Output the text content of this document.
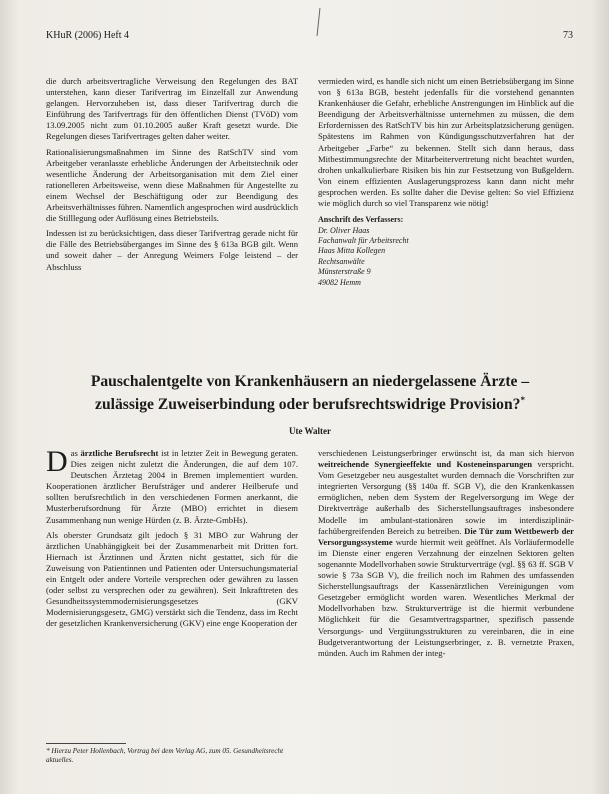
KHuR (2006) Heft 4	73

die durch arbeitsvertragliche Verweisung den Regelungen des BAT unterstehen, kann dieser Tarifvertrag im Einzelfall zur Anwendung gelangen. Hervorzuheben ist, dass dieser Tarifvertrag durch die Einführung des Tarifvertrags für den öffentlichen Dienst (TVöD) vom 13.09.2005 nicht zum 01.10.2005 außer Kraft gesetzt wurde. Die Regelungen dieses Tarifvertrages gelten daher weiter.

Rationalisierungsmaßnahmen im Sinne des RatSchTV sind vom Arbeitgeber veranlasste erhebliche Änderungen der Arbeitstechnik oder wesentliche Änderung der Arbeitsorganisation mit dem Ziel einer rationelleren Arbeitsweise, wenn diese Maßnahmen für Angestellte zu einem Wechsel der Beschäftigung oder zur Beendigung des Arbeitsverhältnisses führen. Namentlich angesprochen wird ausdrücklich die Stilllegung oder Auflösung eines Betriebsteils.

Indessen ist zu berücksichtigen, dass dieser Tarifvertrag gerade nicht für die Fälle des Betriebsüberganges im Sinne des § 613a BGB gilt. Wenn und soweit daher – der Anregung Weimers Folge leistend – der Abschluss

vermieden wird, es handle sich nicht um einen Betriebsübergang im Sinne von § 613a BGB, besteht jedenfalls für die vorstehend genannten Krankenhäuser die Gefahr, erhebliche Anstrengungen im Hinblick auf die Beendigung der Arbeitsverhältnisse unternehmen zu müssen, die dem Erfordernissen des RatSchTV bis hin zur Arbeitsplatzsicherung genügen. Spätestens im Rahmen von Kündigungsschutzverfahren hat der Arbeitgeber „Farbe“ zu bekennen. Stellt sich dann heraus, dass Mitbestimmungsrechte der Mitarbeitervertretung nicht beachtet wurden, drohen unkalkulierbare Risiken bis hin zur Festsetzung von Bußgeldern. Von einem effizienten Auslagerungsprozess kann dann nicht mehr gesprochen werden. Es sollte daher die Devise gelten: So viel Effizienz wie möglich durch so viel Transparenz wie nötig!

Anschrift des Verfassers:
Dr. Oliver Haas
Fachanwalt für Arbeitsrecht
Haas Mitta Kollegen
Rechtsanwälte
Münsterstraße 9
49082 Hemm
Pauschalentgelte von Krankenhäusern an niedergelassene Ärzte –
zulässige Zuweiserbindung oder berufsrechtswidrige Provision?*
Ute Walter

Das ärztliche Berufsrecht ist in letzter Zeit in Bewegung geraten. Dies zeigen nicht zuletzt die Änderungen, die auf dem 107. Deutschen Ärztetag 2004 in Bremen implementiert wurden. Kooperationen ärztlicher Berufsträger und anderer Heilberufe und sollten berufsrechtlich in den verschiedenen Formen anerkannt, die Musterberufsordnung für Ärzte (MBO) errichtet in diesem Zusammenhang nun wenige Hürden (z. B. Ärzte-GmbHs).

Als oberster Grundsatz gilt jedoch § 31 MBO zur Wahrung der ärztlichen Unabhängigkeit bei der Zusammenarbeit mit Dritten fort. Hiernach ist Ärztinnen und Ärzten nicht gestattet, sich für die Zuweisung von Patientinnen und Patienten oder Untersuchungsmaterial ein Entgelt oder andere Vorteile versprechen oder gewähren zu lassen (oder selbst zu versprechen oder zu gewähren). Seit Inkrafttreten des Gesundheitssystemmodernisierungsgesetzes (GKV Modernisierungsgesetz, GMG) verstärkt sich die Tendenz, dass im Recht der gesetzlichen Krankenversicherung (GKV) eine enge Kooperation der

verschiedenen Leistungserbringer erwünscht ist, da man sich hiervon weitreichende Synergieeffekte und Kosteneinsparungen verspricht. Vom Gesetzgeber neu ausgestaltet wurden demnach die Vorschriften zur integrierten Versorgung (§§ 140a ff. SGB V), die den Krankenkassen ermöglichen, neben dem System der Regelversorgung im Wege der Direktverträge außerhalb des Sicherstellungsauftrages insbesondere Modelle im ambulant-stationären sowie im interdisziplinär-fachübergreifenden Bereich zu betreiben. Die Tür zum Wettbewerb der Versorgungssysteme wurde hiermit weit geöffnet. Als Vorläufermodelle im Dienste einer engeren Verzahnung der einzelnen Sektoren gelten sogenannte Modellvorhaben sowie Strukturverträge (vgl. §§ 63 ff. SGB V sowie § 73a SGB V), die freilich noch im Rahmen des umfassenden Sicherstellungsauftrags der Kassenärztlichen Vereinigungen vom Gesetzgeber ermöglicht worden waren. Wesentliches Merkmal der Modellvorhaben bzw. Strukturverträge ist die hiermit verbundene Möglichkeit für die Gesamtvertragspartner, spezifisch passende Versorgungs- und Vergütungsstrukturen zu vereinbaren, die in eine Budgetverantwortung der Leistungserbringer, z. B. vernetzte Praxen, münden. Auch im Rahmen der integ-

* Hierzu Peter Hollenbach, Vortrag bei dem Verlag AG, zum 05. Gesundheitsrecht aktuelles.
